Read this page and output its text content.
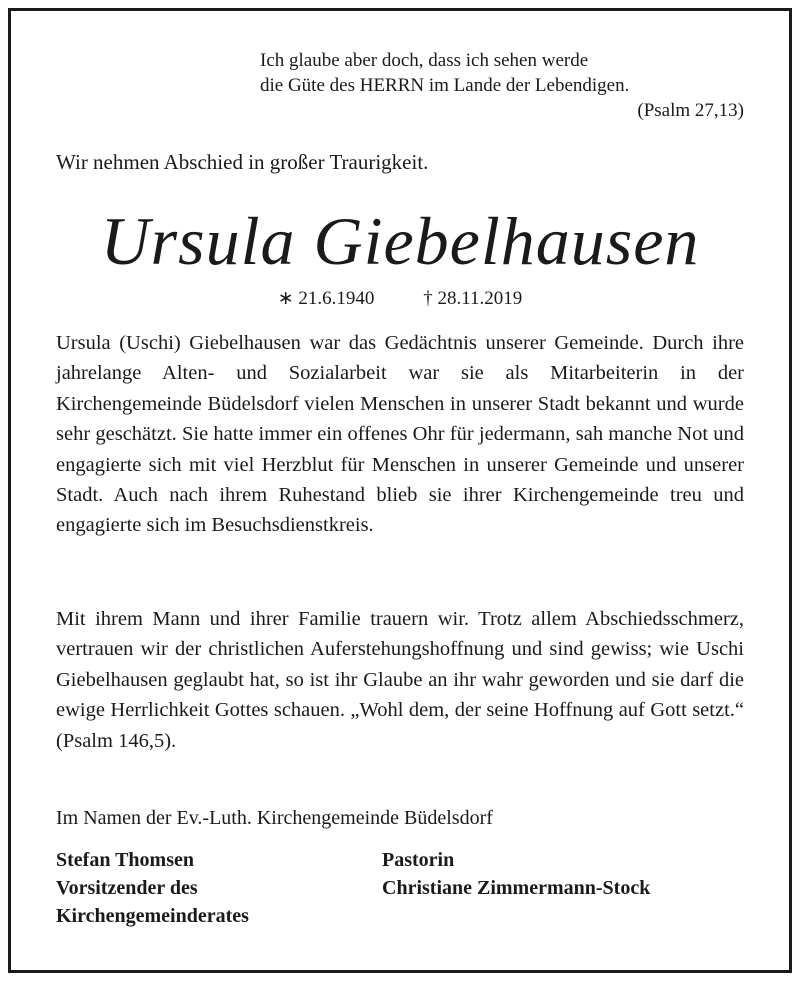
Ich glaube aber doch, dass ich sehen werde
die Güte des HERRN im Lande der Lebendigen.
(Psalm 27,13)
Wir nehmen Abschied in großer Traurigkeit.
Ursula Giebelhausen
∗ 21.6.1940	† 28.11.2019
Ursula (Uschi) Giebelhausen war das Gedächtnis unserer Gemeinde. Durch ihre jahrelange Alten- und Sozialarbeit war sie als Mitarbeiterin in der Kirchengemeinde Büdelsdorf vielen Menschen in unserer Stadt bekannt und wurde sehr geschätzt. Sie hatte immer ein offenes Ohr für jedermann, sah manche Not und engagierte sich mit viel Herzblut für Menschen in unserer Gemeinde und unserer Stadt. Auch nach ihrem Ruhestand blieb sie ihrer Kirchengemeinde treu und engagierte sich im Besuchsdienstkreis.
Mit ihrem Mann und ihrer Familie trauern wir. Trotz allem Abschiedsschmerz, vertrauen wir der christlichen Auferstehungshoffnung und sind gewiss; wie Uschi Giebelhausen geglaubt hat, so ist ihr Glaube an ihr wahr geworden und sie darf die ewige Herrlichkeit Gottes schauen. „Wohl dem, der seine Hoffnung auf Gott setzt.“ (Psalm 146,5).
Im Namen der Ev.-Luth. Kirchengemeinde Büdelsdorf
Stefan Thomsen
Vorsitzender des
Kirchengemeinderates
Pastorin
Christiane Zimmermann-Stock
